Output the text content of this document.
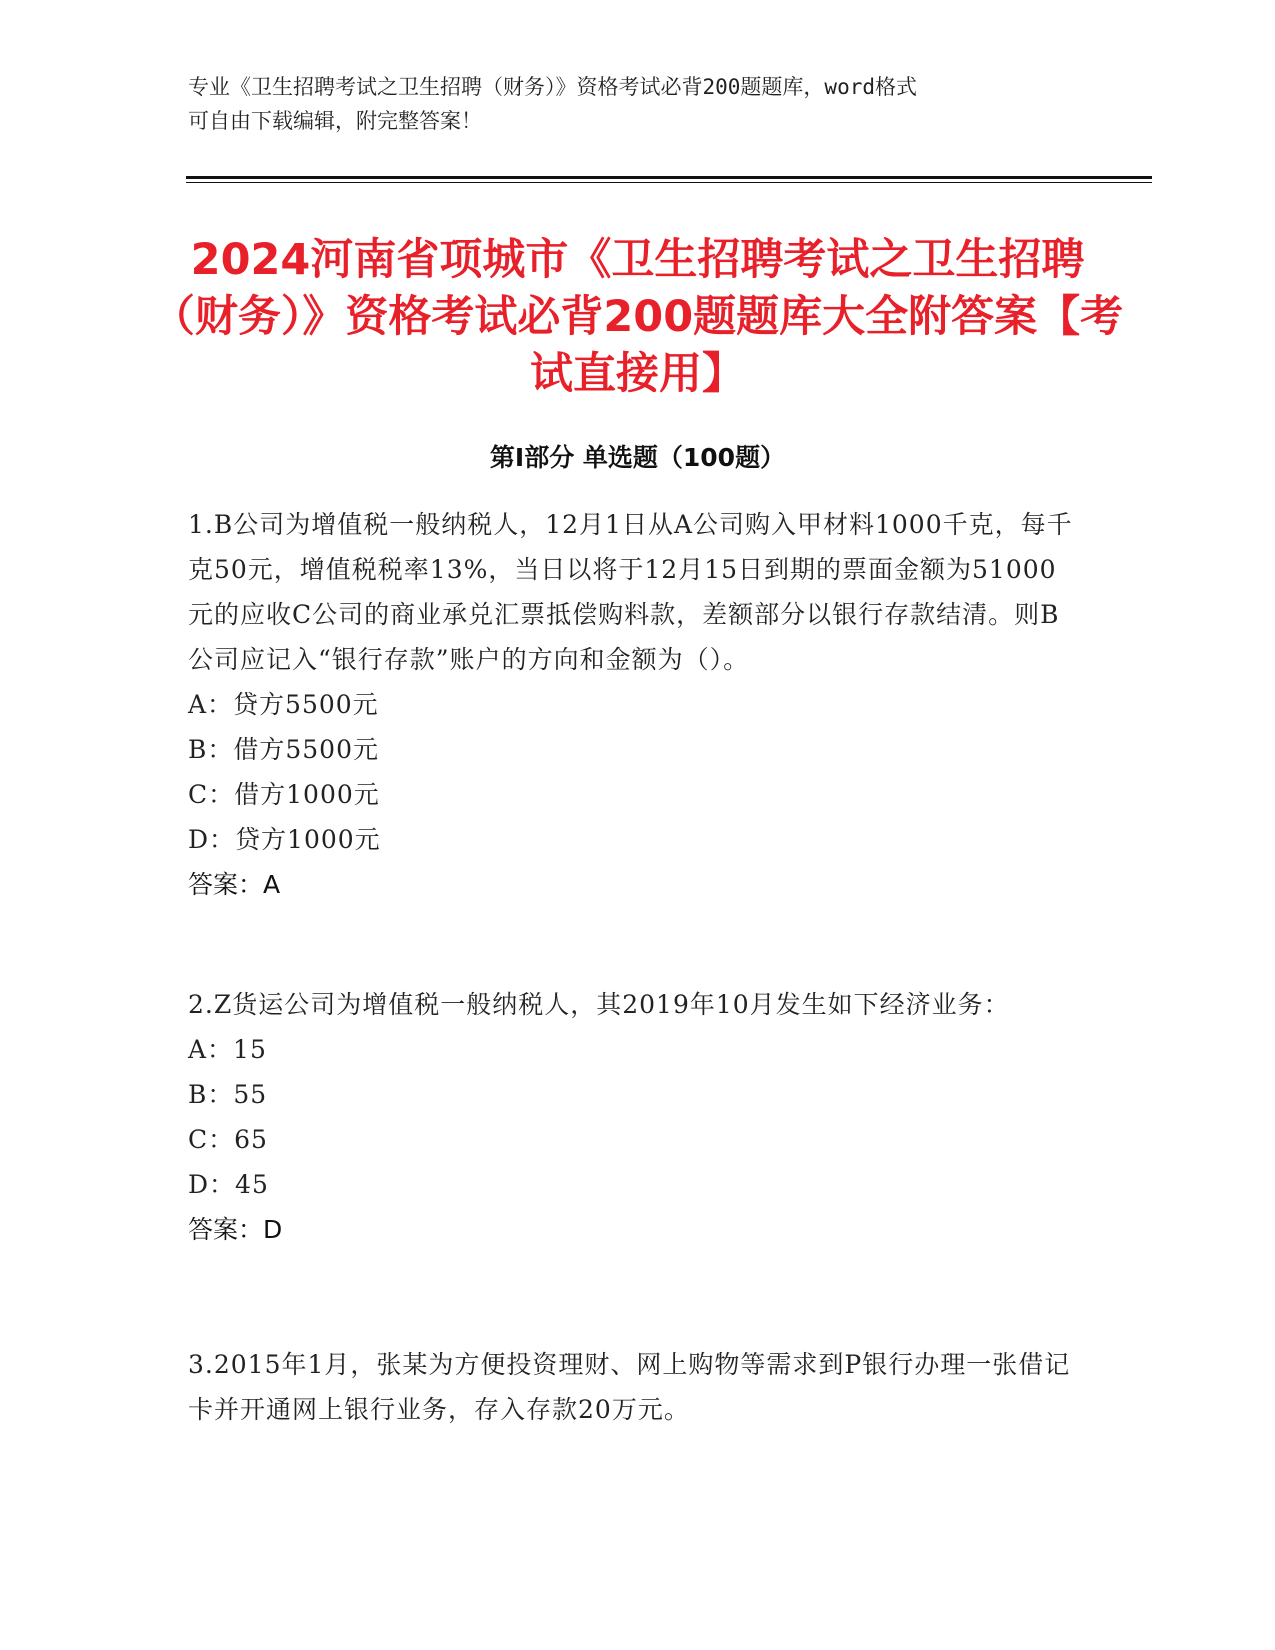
专业《卫生招聘考试之卫生招聘（财务）》资格考试必背200题题库，word格式
可自由下载编辑，附完整答案！
2024河南省项城市《卫生招聘考试之卫生招聘（财务）》资格考试必背200题题库大全附答案【考试直接用】
第Ⅰ部分 单选题（100题）

1.B公司为增值税一般纳税人，12月1日从A公司购入甲材料1000千克，每千克50元，增值税税率13%，当日以将于12月15日到期的票面金额为51000元的应收C公司的商业承兑汇票抵偿购料款，差额部分以银行存款结清。则B公司应记入“银行存款”账户的方向和金额为（）。

A：贷方5500元

B：借方5500元

C：借方1000元

D：贷方1000元

答案：A

2.Z货运公司为增值税一般纳税人，其2019年10月发生如下经济业务：

A：15

B：55

C：65

D：45

答案：D

3.2015年1月，张某为方便投资理财、网上购物等需求到P银行办理一张借记卡并开通网上银行业务，存入存款20万元。
